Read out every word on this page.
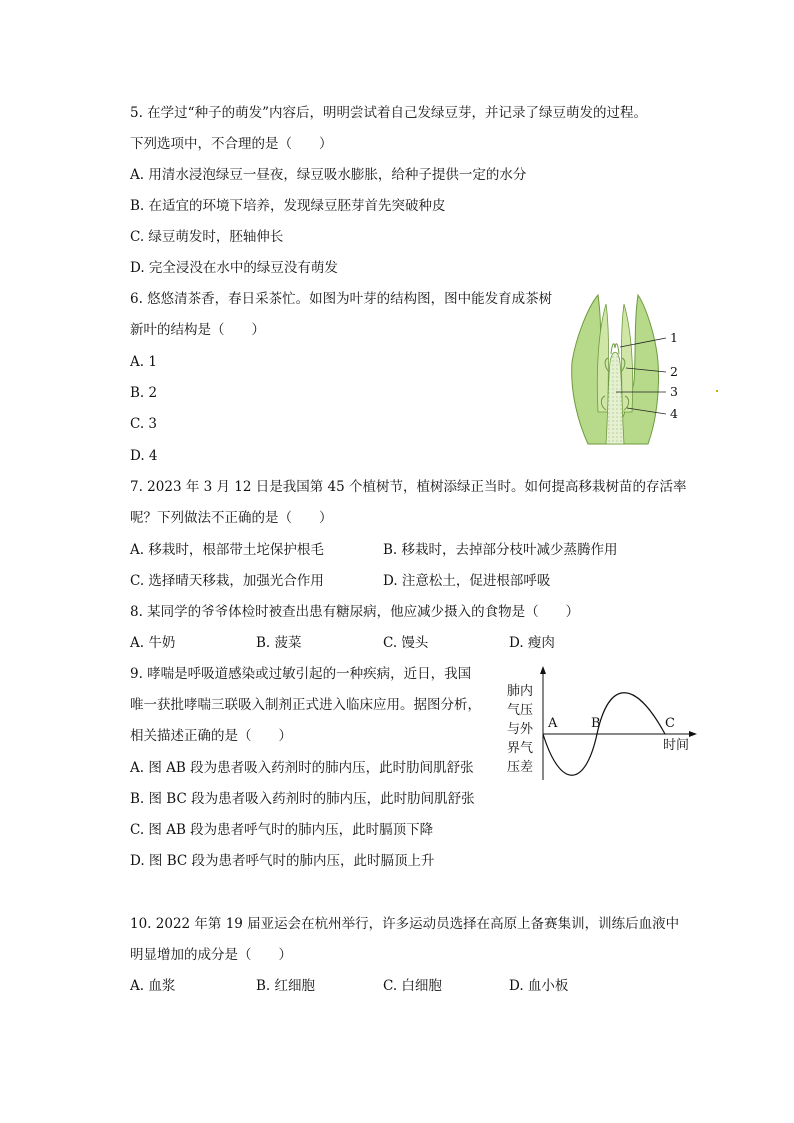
5. 在学过“种子的萌发”内容后，明明尝试着自己发绿豆芽，并记录了绿豆萌发的过程。
下列选项中，不合理的是（　　）
A. 用清水浸泡绿豆一昼夜，绿豆吸水膨胀，给种子提供一定的水分
B. 在适宜的环境下培养，发现绿豆胚芽首先突破种皮
C. 绿豆萌发时，胚轴伸长
D. 完全浸没在水中的绿豆没有萌发
6. 悠悠清茶香，春日采茶忙。如图为叶芽的结构图，图中能发育成茶树
新叶的结构是（　　）
A. 1
B. 2
C. 3
D. 4
1
2
3
4
7. 2023 年 3 月 12 日是我国第 45 个植树节，植树添绿正当时。如何提高移栽树苗的存活率
呢？下列做法不正确的是（　　）
A. 移栽时，根部带土坨保护根毛	B. 移栽时，去掉部分枝叶减少蒸腾作用
C. 选择晴天移栽，加强光合作用	D. 注意松土，促进根部呼吸
8. 某同学的爷爷体检时被查出患有糖尿病，他应减少摄入的食物是（　　）
A. 牛奶	B. 菠菜	C. 馒头	D. 瘦肉
9. 哮喘是呼吸道感染或过敏引起的一种疾病，近日，我国
唯一获批哮喘三联吸入制剂正式进入临床应用。据图分析，
相关描述正确的是（　　）
A. 图 AB 段为患者吸入药剂时的肺内压，此时肋间肌舒张
B. 图 BC 段为患者吸入药剂时的肺内压，此时肋间肌舒张
C. 图 AB 段为患者呼气时的肺内压，此时膈顶下降
D. 图 BC 段为患者呼气时的肺内压，此时膈顶上升
肺内
气压
与外
界气
压差
A	B	C
时间
10. 2022 年第 19 届亚运会在杭州举行，许多运动员选择在高原上备赛集训，训练后血液中
明显增加的成分是（　　）
A. 血浆	B. 红细胞	C. 白细胞	D. 血小板
